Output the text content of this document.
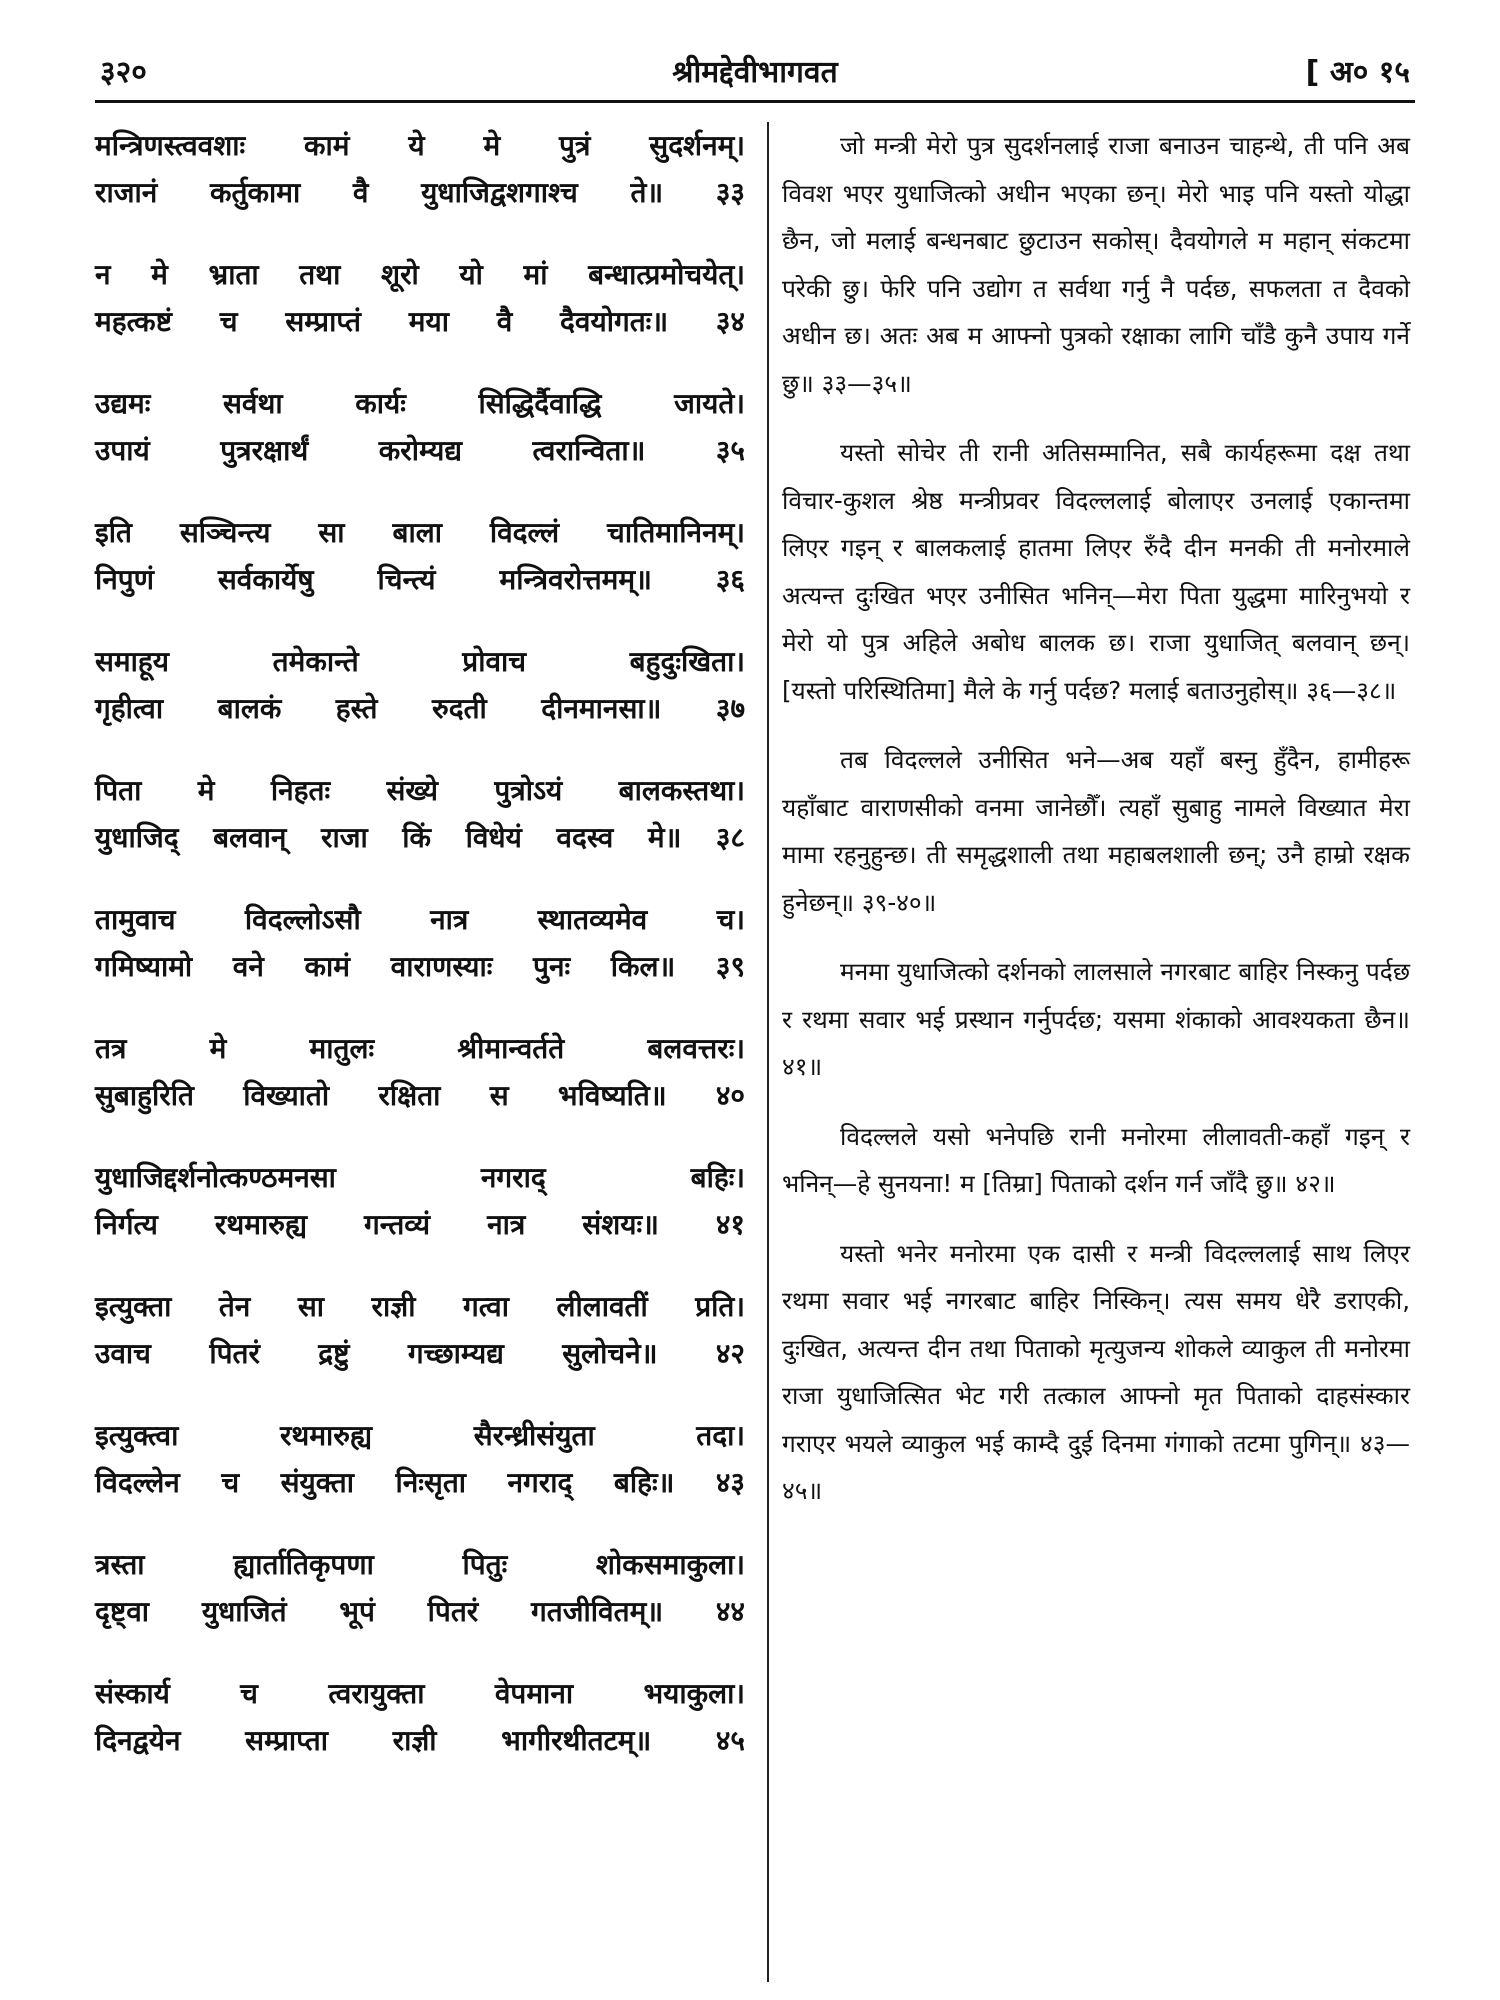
३२०	श्रीमद्देवीभागवत	[ अ० १५
मन्त्रिणस्त्ववशाः कामं ये मे पुत्रं सुदर्शनम्।
राजानं कर्तुकामा वै युधाजिद्वशगाश्च ते॥ ३३
न मे भ्राता तथा शूरो यो मां बन्धात्प्रमोचयेत्।
महत्कष्टं च सम्प्राप्तं मया वै दैवयोगतः॥ ३४
उद्यमः सर्वथा कार्यः सिद्धिर्दैवाद्धि जायते।
उपायं पुत्ररक्षार्थं करोम्यद्य त्वरान्विता॥ ३५
इति सञ्चिन्त्य सा बाला विदल्लं चातिमानिनम्।
निपुणं सर्वकार्येषु चिन्त्यं मन्त्रिवरोत्तमम्॥ ३६
समाहूय तमेकान्ते प्रोवाच बहुदुःखिता।
गृहीत्वा बालकं हस्ते रुदती दीनमानसा॥ ३७
पिता मे निहतः संख्ये पुत्रोऽयं बालकस्तथा।
युधाजिद् बलवान् राजा किं विधेयं वदस्व मे॥ ३८
तामुवाच विदल्लोऽसौ नात्र स्थातव्यमेव च।
गमिष्यामो वने कामं वाराणस्याः पुनः किल॥ ३९
तत्र मे मातुलः श्रीमान्वर्तते बलवत्तरः।
सुबाहुरिति विख्यातो रक्षिता स भविष्यति॥ ४०
युधाजिद्दर्शनोत्कण्ठमनसा नगराद् बहिः।
निर्गत्य रथमारुह्य गन्तव्यं नात्र संशयः॥ ४१
इत्युक्ता तेन सा राज्ञी गत्वा लीलावतीं प्रति।
उवाच पितरं द्रष्टुं गच्छाम्यद्य सुलोचने॥ ४२
इत्युक्त्वा रथमारुह्य सैरन्ध्रीसंयुता तदा।
विदल्लेन च संयुक्ता निःसृता नगराद् बहिः॥ ४३
त्रस्ता ह्यार्तातिकृपणा पितुः शोकसमाकुला।
दृष्ट्वा युधाजितं भूपं पितरं गतजीवितम्॥ ४४
संस्कार्य च त्वरायुक्ता वेपमाना भयाकुला।
दिनद्वयेन सम्प्राप्ता राज्ञी भागीरथीतटम्॥ ४५

जो मन्त्री मेरो पुत्र सुदर्शनलाई राजा बनाउन चाहन्थे, ती पनि अब विवश भएर युधाजित्को अधीन भएका छन्। मेरो भाइ पनि यस्तो योद्धा छैन, जो मलाई बन्धनबाट छुटाउन सकोस्। दैवयोगले म महान् संकटमा परेकी छु। फेरि पनि उद्योग त सर्वथा गर्नु नै पर्दछ, सफलता त दैवको अधीन छ। अतः अब म आफ्नो पुत्रको रक्षाका लागि चाँडै कुनै उपाय गर्ने छु॥ ३३—३५॥

यस्तो सोचेर ती रानी अतिसम्मानित, सबै कार्यहरूमा दक्ष तथा विचार-कुशल श्रेष्ठ मन्त्रीप्रवर विदल्ललाई बोलाएर उनलाई एकान्तमा लिएर गइन् र बालकलाई हातमा लिएर रुँदै दीन मनकी ती मनोरमाले अत्यन्त दुःखित भएर उनीसित भनिन्—मेरा पिता युद्धमा मारिनुभयो र मेरो यो पुत्र अहिले अबोध बालक छ। राजा युधाजित् बलवान् छन्। [यस्तो परिस्थितिमा] मैले के गर्नु पर्दछ? मलाई बताउनुहोस्॥ ३६—३८॥

तब विदल्लले उनीसित भने—अब यहाँ बस्नु हुँदैन, हामीहरू यहाँबाट वाराणसीको वनमा जानेछौँ। त्यहाँ सुबाहु नामले विख्यात मेरा मामा रहनुहुन्छ। ती समृद्धशाली तथा महाबलशाली छन्; उनै हाम्रो रक्षक हुनेछन्॥ ३९-४०॥

मनमा युधाजित्को दर्शनको लालसाले नगरबाट बाहिर निस्कनु पर्दछ र रथमा सवार भई प्रस्थान गर्नुपर्दछ; यसमा शंकाको आवश्यकता छैन॥ ४१॥

विदल्लले यसो भनेपछि रानी मनोरमा लीलावती-कहाँ गइन् र भनिन्—हे सुनयना! म [तिम्रा] पिताको दर्शन गर्न जाँदै छु॥ ४२॥

यस्तो भनेर मनोरमा एक दासी र मन्त्री विदल्ललाई साथ लिएर रथमा सवार भई नगरबाट बाहिर निस्किन्। त्यस समय धेरै डराएकी, दुःखित, अत्यन्त दीन तथा पिताको मृत्युजन्य शोकले व्याकुल ती मनोरमा राजा युधाजित्सित भेट गरी तत्काल आफ्नो मृत पिताको दाहसंस्कार गराएर भयले व्याकुल भई काम्दै दुई दिनमा गंगाको तटमा पुगिन्॥ ४३—४५॥
